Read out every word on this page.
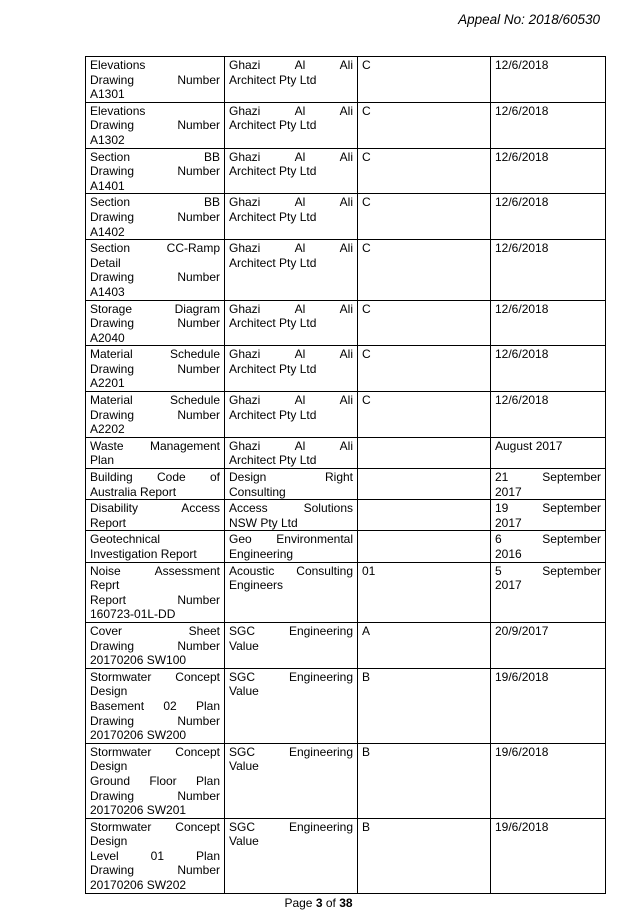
Appeal No: 2018/60530
Elevations
Drawing Number
A1301	Ghazi Al Ali
Architect Pty Ltd	C	12/6/2018

Elevations
Drawing Number
A1302	Ghazi Al Ali
Architect Pty Ltd	C	12/6/2018

Section BB
Drawing Number
A1401	Ghazi Al Ali
Architect Pty Ltd	C	12/6/2018

Section BB
Drawing Number
A1402	Ghazi Al Ali
Architect Pty Ltd	C	12/6/2018

Section CC-Ramp
Detail
Drawing Number
A1403	Ghazi Al Ali
Architect Pty Ltd	C	12/6/2018

Storage Diagram
Drawing Number
A2040	Ghazi Al Ali
Architect Pty Ltd	C	12/6/2018

Material Schedule
Drawing Number
A2201	Ghazi Al Ali
Architect Pty Ltd	C	12/6/2018

Material Schedule
Drawing Number
A2202	Ghazi Al Ali
Architect Pty Ltd	C	12/6/2018

Waste Management
Plan	Ghazi Al Ali
Architect Pty Ltd		August 2017

Building Code of
Australia Report	Design Right
Consulting		21 September
2017

Disability Access
Report	Access Solutions
NSW Pty Ltd		19 September
2017

Geotechnical
Investigation Report	Geo Environmental
Engineering		6 September
2016

Noise Assessment
Reprt
Report Number
160723-01L-DD	Acoustic Consulting
Engineers	01	5 September
2017

Cover Sheet
Drawing Number
20170206 SW100	SGC Engineering
Value	A	20/9/2017

Stormwater Concept
Design
Basement 02 Plan
Drawing Number
20170206 SW200	SGC Engineering
Value	B	19/6/2018

Stormwater Concept
Design
Ground Floor Plan
Drawing Number
20170206 SW201	SGC Engineering
Value	B	19/6/2018

Stormwater Concept
Design
Level 01 Plan
Drawing Number
20170206 SW202	SGC Engineering
Value	B	19/6/2018
Page 3 of 38
